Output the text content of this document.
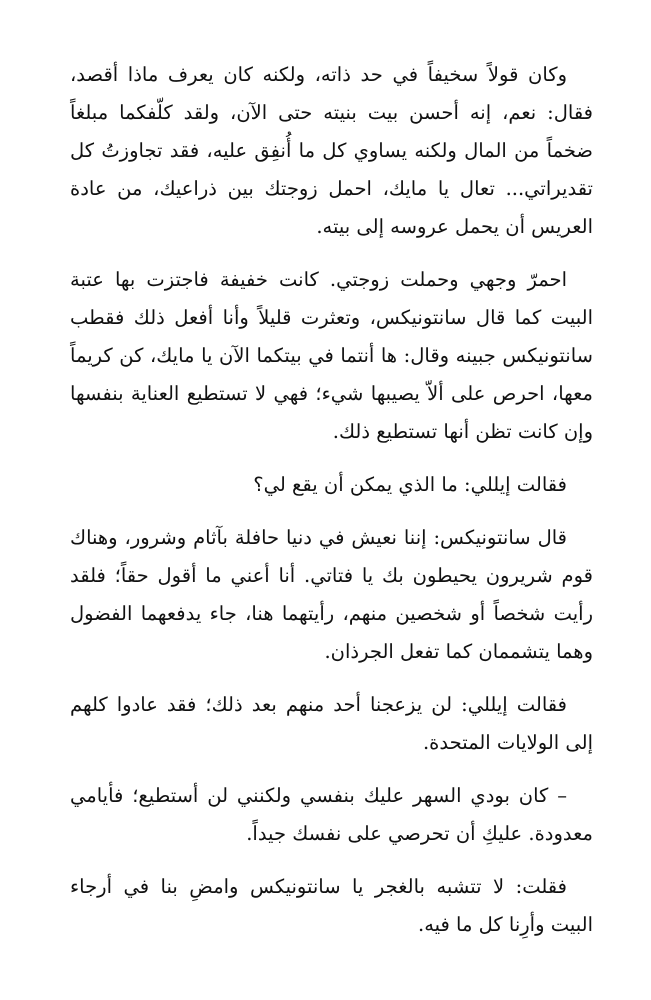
وكان قولاً سخيفاً في حد ذاته، ولكنه كان يعرف ماذا أقصد، فقال: نعم، إنه أحسن بيت بنيته حتى الآن، ولقد كلّفكما مبلغاً ضخماً من المال ولكنه يساوي كل ما أُنفِق عليه، فقد تجاوزتُ كل تقديراتي... تعال يا مايك، احمل زوجتك بين ذراعيك، من عادة العريس أن يحمل عروسه إلى بيته.

احمرّ وجهي وحملت زوجتي. كانت خفيفة فاجتزت بها عتبة البيت كما قال سانتونيكس، وتعثرت قليلاً وأنا أفعل ذلك فقطب سانتونيكس جبينه وقال: ها أنتما في بيتكما الآن يا مايك، كن كريماً معها، احرص على ألاّ يصيبها شيء؛ فهي لا تستطيع العناية بنفسها وإن كانت تظن أنها تستطيع ذلك.

فقالت إيللي: ما الذي يمكن أن يقع لي؟

قال سانتونيكس: إننا نعيش في دنيا حافلة بآثام وشرور، وهناك قوم شريرون يحيطون بك يا فتاتي. أنا أعني ما أقول حقاً؛ فلقد رأيت شخصاً أو شخصين منهم، رأيتهما هنا، جاء يدفعهما الفضول وهما يتشممان كما تفعل الجرذان.

فقالت إيللي: لن يزعجنا أحد منهم بعد ذلك؛ فقد عادوا كلهم إلى الولايات المتحدة.

– كان بودي السهر عليك بنفسي ولكنني لن أستطيع؛ فأيامي معدودة. عليكِ أن تحرصي على نفسك جيداً.

فقلت: لا تتشبه بالغجر يا سانتونيكس وامضِ بنا في أرجاء البيت وأرِنا كل ما فيه.
